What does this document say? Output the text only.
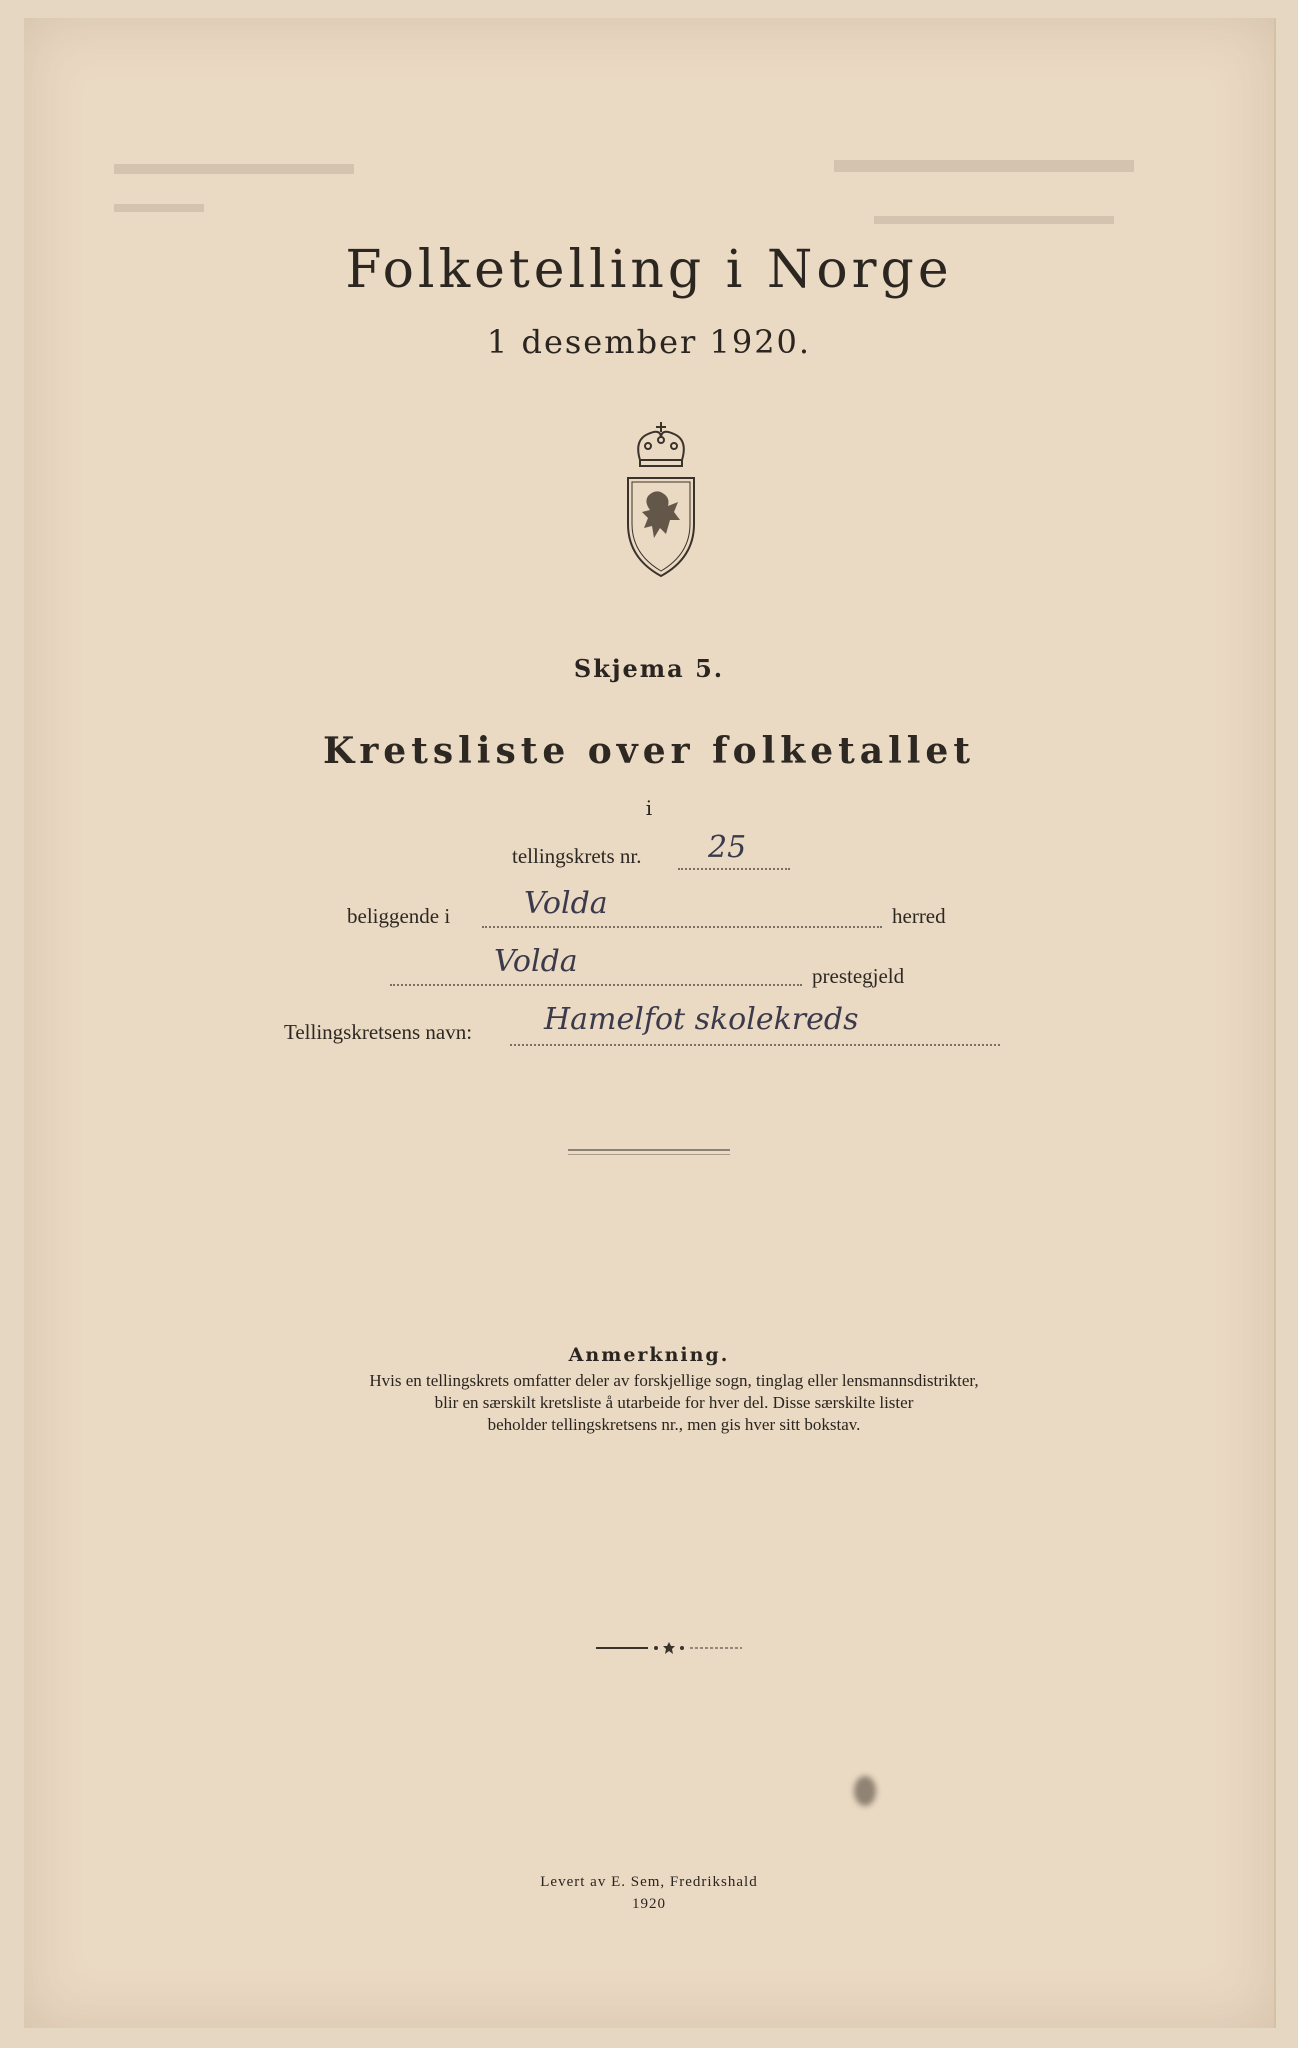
Folketelling i Norge
1 desember 1920.
Skjema 5.
Kretsliste over folketallet
i
tellingskrets nr. 25
beliggende i Volda	herred
Volda	prestegjeld
Tellingskretsens navn: Hamelfot skolekreds
Anmerkning.
Hvis en tellingskrets omfatter deler av forskjellige sogn, tinglag eller lensmannsdistrikter,
blir en særskilt kretsliste å utarbeide for hver del. Disse særskilte lister
beholder tellingskretsens nr., men gis hver sitt bokstav.
Levert av E. Sem, Fredrikshald
1920
